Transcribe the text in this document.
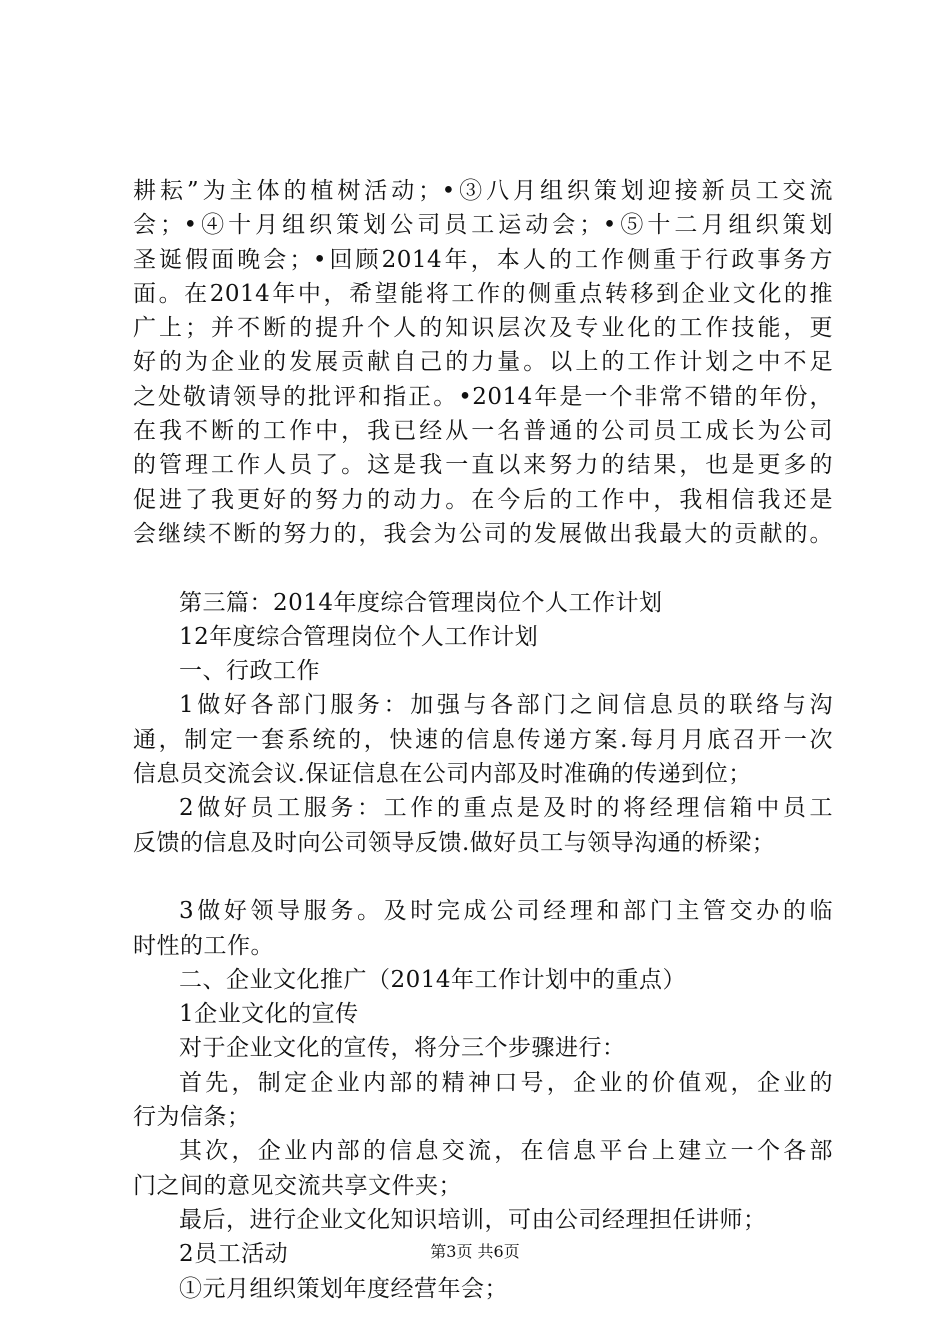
耕耘”为主体的植树活动；•③八月组织策划迎接新员工交流
会；•④十月组织策划公司员工运动会；•⑤十二月组织策划
圣诞假面晚会；•回顾2014年，本人的工作侧重于行政事务方
面。在2014年中，希望能将工作的侧重点转移到企业文化的推
广上；并不断的提升个人的知识层次及专业化的工作技能，更
好的为企业的发展贡献自己的力量。以上的工作计划之中不足
之处敬请领导的批评和指正。•2014年是一个非常不错的年份，
在我不断的工作中，我已经从一名普通的公司员工成长为公司
的管理工作人员了。这是我一直以来努力的结果，也是更多的
促进了我更好的努力的动力。在今后的工作中，我相信我还是
会继续不断的努力的，我会为公司的发展做出我最大的贡献的。
第三篇：2014年度综合管理岗位个人工作计划
12年度综合管理岗位个人工作计划
一、行政工作
1做好各部门服务：加强与各部门之间信息员的联络与沟
通，制定一套系统的，快速的信息传递方案.每月月底召开一次
信息员交流会议.保证信息在公司内部及时准确的传递到位；
2做好员工服务：工作的重点是及时的将经理信箱中员工
反馈的信息及时向公司领导反馈.做好员工与领导沟通的桥梁；
3做好领导服务。及时完成公司经理和部门主管交办的临
时性的工作。
二、企业文化推广（2014年工作计划中的重点）
1企业文化的宣传
对于企业文化的宣传，将分三个步骤进行：
首先，制定企业内部的精神口号，企业的价值观，企业的
行为信条；
其次，企业内部的信息交流，在信息平台上建立一个各部
门之间的意见交流共享文件夹；
最后，进行企业文化知识培训，可由公司经理担任讲师；
2员工活动
①元月组织策划年度经营年会；
第3页 共6页
